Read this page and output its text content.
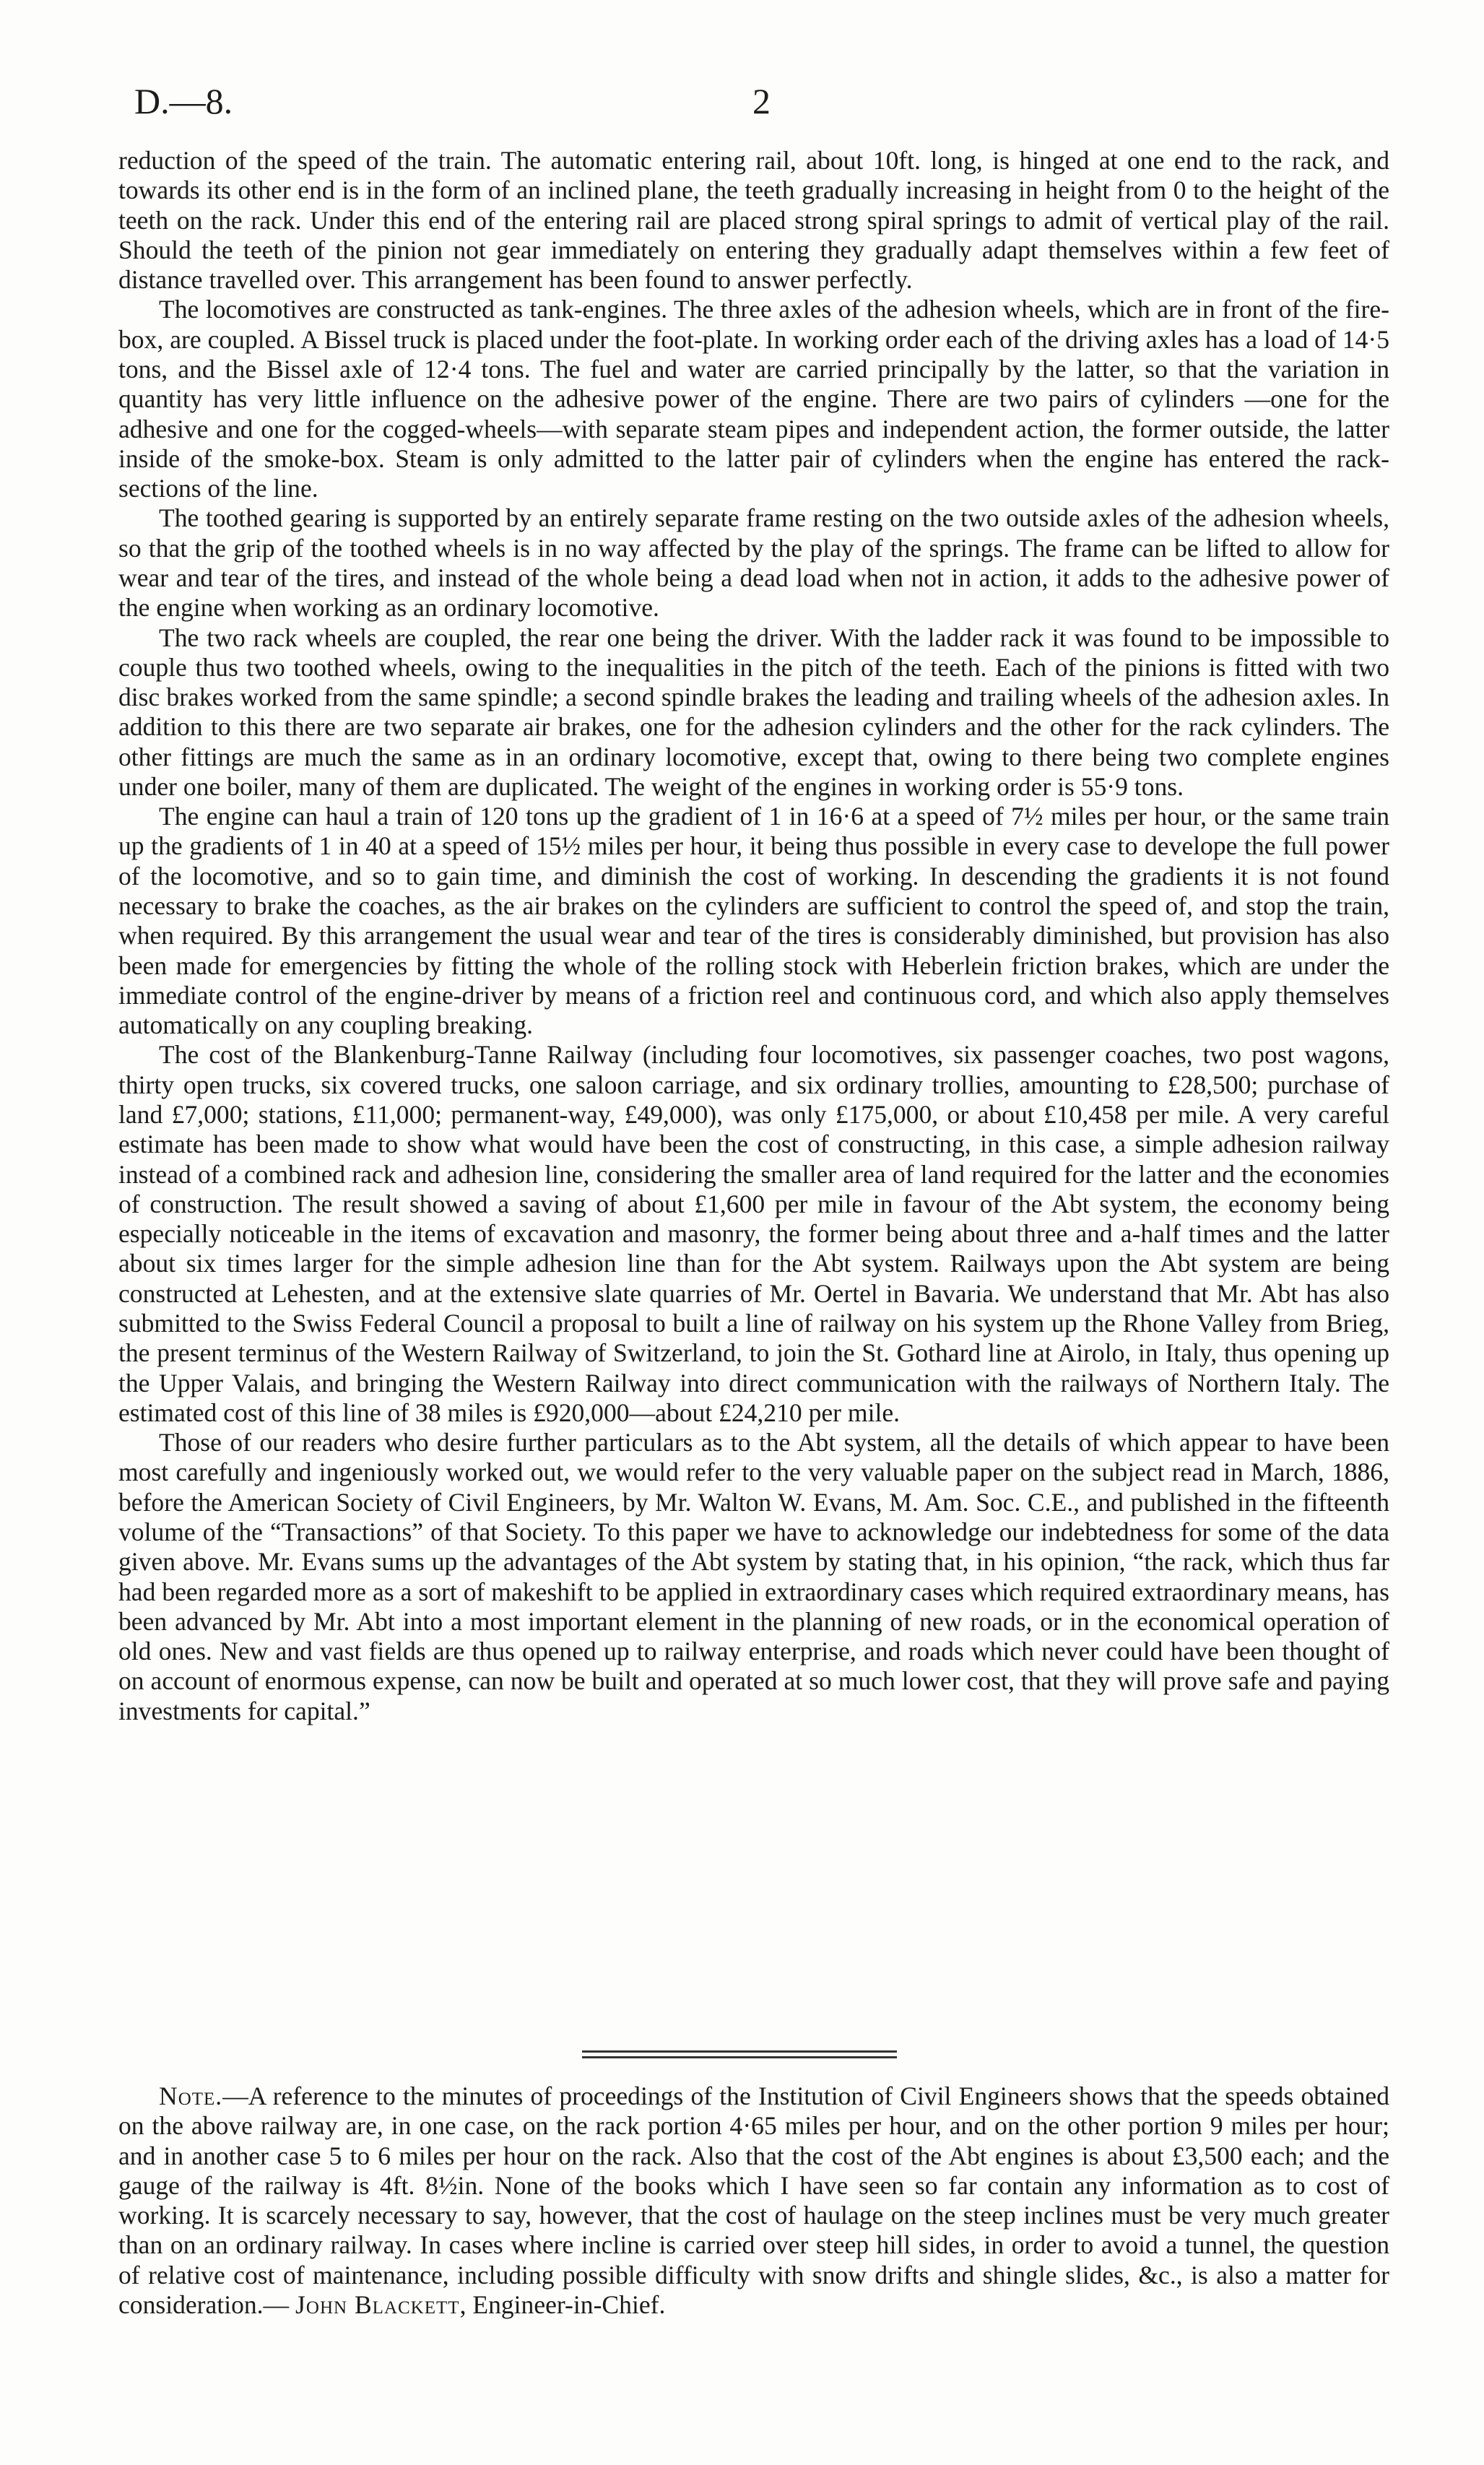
D.—8.	2

reduction of the speed of the train. The automatic entering rail, about 10ft. long, is hinged at one end to the rack, and towards its other end is in the form of an inclined plane, the teeth gradually increasing in height from 0 to the height of the teeth on the rack. Under this end of the entering rail are placed strong spiral springs to admit of vertical play of the rail. Should the teeth of the pinion not gear immediately on entering they gradually adapt themselves within a few feet of distance travelled over. This arrangement has been found to answer perfectly.

The locomotives are constructed as tank-engines. The three axles of the adhesion wheels, which are in front of the fire-box, are coupled. A Bissel truck is placed under the foot-plate. In working order each of the driving axles has a load of 14·5 tons, and the Bissel axle of 12·4 tons. The fuel and water are carried principally by the latter, so that the variation in quantity has very little influence on the adhesive power of the engine. There are two pairs of cylinders —one for the adhesive and one for the cogged-wheels—with separate steam pipes and independent action, the former outside, the latter inside of the smoke-box. Steam is only admitted to the latter pair of cylinders when the engine has entered the rack-sections of the line.

The toothed gearing is supported by an entirely separate frame resting on the two outside axles of the adhesion wheels, so that the grip of the toothed wheels is in no way affected by the play of the springs. The frame can be lifted to allow for wear and tear of the tires, and instead of the whole being a dead load when not in action, it adds to the adhesive power of the engine when working as an ordinary locomotive.

The two rack wheels are coupled, the rear one being the driver. With the ladder rack it was found to be impossible to couple thus two toothed wheels, owing to the inequalities in the pitch of the teeth. Each of the pinions is fitted with two disc brakes worked from the same spindle; a second spindle brakes the leading and trailing wheels of the adhesion axles. In addition to this there are two separate air brakes, one for the adhesion cylinders and the other for the rack cylinders. The other fittings are much the same as in an ordinary locomotive, except that, owing to there being two complete engines under one boiler, many of them are duplicated. The weight of the engines in working order is 55·9 tons.

The engine can haul a train of 120 tons up the gradient of 1 in 16·6 at a speed of 7½ miles per hour, or the same train up the gradients of 1 in 40 at a speed of 15½ miles per hour, it being thus possible in every case to develope the full power of the locomotive, and so to gain time, and diminish the cost of working. In descending the gradients it is not found necessary to brake the coaches, as the air brakes on the cylinders are sufficient to control the speed of, and stop the train, when required. By this arrangement the usual wear and tear of the tires is considerably diminished, but provision has also been made for emergencies by fitting the whole of the rolling stock with Heberlein friction brakes, which are under the immediate control of the engine-driver by means of a friction reel and continuous cord, and which also apply themselves automatically on any coupling breaking.

The cost of the Blankenburg-Tanne Railway (including four locomotives, six passenger coaches, two post wagons, thirty open trucks, six covered trucks, one saloon carriage, and six ordinary trollies, amounting to £28,500; purchase of land £7,000; stations, £11,000; permanent-way, £49,000), was only £175,000, or about £10,458 per mile. A very careful estimate has been made to show what would have been the cost of constructing, in this case, a simple adhesion railway instead of a combined rack and adhesion line, considering the smaller area of land required for the latter and the economies of construction. The result showed a saving of about £1,600 per mile in favour of the Abt system, the economy being especially noticeable in the items of excavation and masonry, the former being about three and a-half times and the latter about six times larger for the simple adhesion line than for the Abt system. Railways upon the Abt system are being constructed at Lehesten, and at the extensive slate quarries of Mr. Oertel in Bavaria. We understand that Mr. Abt has also submitted to the Swiss Federal Council a proposal to built a line of railway on his system up the Rhone Valley from Brieg, the present terminus of the Western Railway of Switzerland, to join the St. Gothard line at Airolo, in Italy, thus opening up the Upper Valais, and bringing the Western Railway into direct communication with the railways of Northern Italy. The estimated cost of this line of 38 miles is £920,000—about £24,210 per mile.

Those of our readers who desire further particulars as to the Abt system, all the details of which appear to have been most carefully and ingeniously worked out, we would refer to the very valuable paper on the subject read in March, 1886, before the American Society of Civil Engineers, by Mr. Walton W. Evans, M. Am. Soc. C.E., and published in the fifteenth volume of the “Transactions” of that Society. To this paper we have to acknowledge our indebtedness for some of the data given above. Mr. Evans sums up the advantages of the Abt system by stating that, in his opinion, “the rack, which thus far had been regarded more as a sort of makeshift to be applied in extraordinary cases which required extraordinary means, has been advanced by Mr. Abt into a most important element in the planning of new roads, or in the economical operation of old ones. New and vast fields are thus opened up to railway enterprise, and roads which never could have been thought of on account of enormous expense, can now be built and operated at so much lower cost, that they will prove safe and paying investments for capital.”

Note.—A reference to the minutes of proceedings of the Institution of Civil Engineers shows that the speeds obtained on the above railway are, in one case, on the rack portion 4·65 miles per hour, and on the other portion 9 miles per hour; and in another case 5 to 6 miles per hour on the rack. Also that the cost of the Abt engines is about £3,500 each; and the gauge of the railway is 4ft. 8½in. None of the books which I have seen so far contain any information as to cost of working. It is scarcely necessary to say, however, that the cost of haulage on the steep inclines must be very much greater than on an ordinary railway. In cases where incline is carried over steep hill sides, in order to avoid a tunnel, the question of relative cost of maintenance, including possible difficulty with snow drifts and shingle slides, &c., is also a matter for consideration.— John Blackett, Engineer-in-Chief.
